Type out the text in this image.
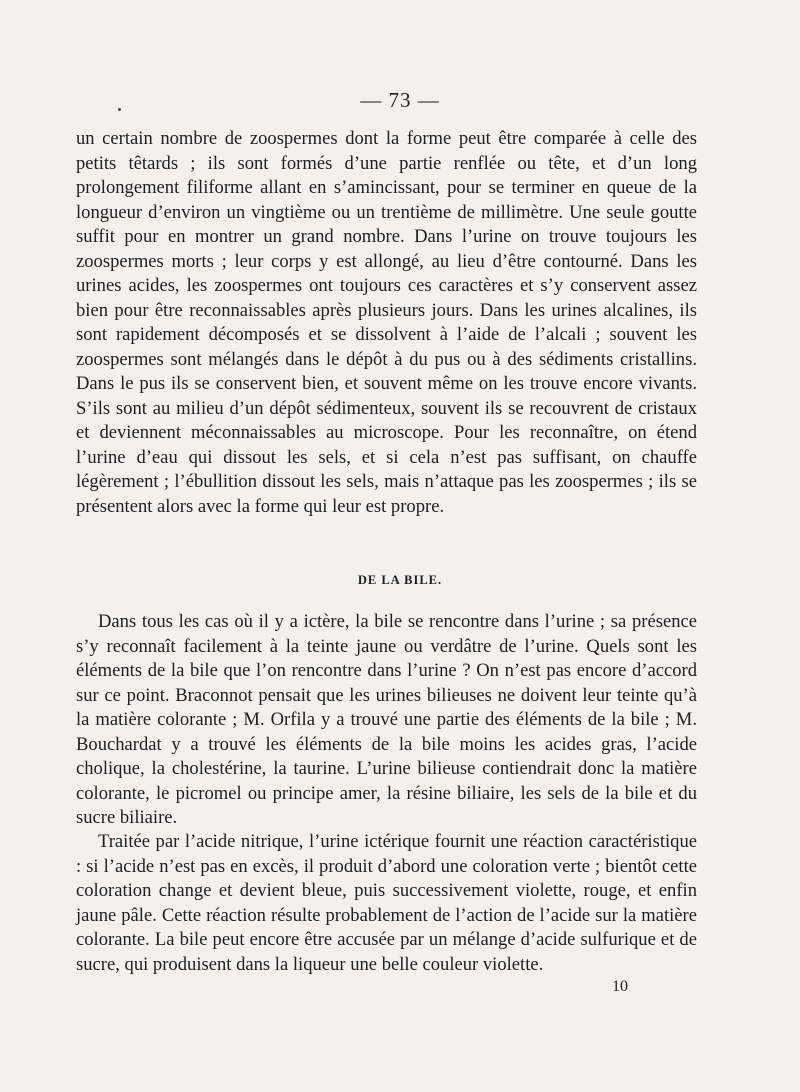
— 73 —

un certain nombre de zoospermes dont la forme peut être comparée à celle des petits têtards ; ils sont formés d’une partie renflée ou tête, et d’un long prolongement filiforme allant en s’amincissant, pour se terminer en queue de la longueur d’environ un vingtième ou un trentième de millimètre. Une seule goutte suffit pour en montrer un grand nombre. Dans l’urine on trouve toujours les zoospermes morts ; leur corps y est allongé, au lieu d’être contourné. Dans les urines acides, les zoospermes ont toujours ces caractères et s’y conservent assez bien pour être reconnaissables après plusieurs jours. Dans les urines alcalines, ils sont rapidement décomposés et se dissolvent à l’aide de l’alcali ; souvent les zoospermes sont mélangés dans le dépôt à du pus ou à des sédiments cristallins. Dans le pus ils se conservent bien, et souvent même on les trouve encore vivants. S’ils sont au milieu d’un dépôt sédimenteux, souvent ils se recouvrent de cristaux et deviennent méconnaissables au microscope. Pour les reconnaître, on étend l’urine d’eau qui dissout les sels, et si cela n’est pas suffisant, on chauffe légèrement ; l’ébullition dissout les sels, mais n’attaque pas les zoospermes ; ils se présentent alors avec la forme qui leur est propre.

DE LA BILE.

Dans tous les cas où il y a ictère, la bile se rencontre dans l’urine ; sa présence s’y reconnaît facilement à la teinte jaune ou verdâtre de l’urine. Quels sont les éléments de la bile que l’on rencontre dans l’urine ? On n’est pas encore d’accord sur ce point. Braconnot pensait que les urines bilieuses ne doivent leur teinte qu’à la matière colorante ; M. Orfila y a trouvé une partie des éléments de la bile ; M. Bouchardat y a trouvé les éléments de la bile moins les acides gras, l’acide cholique, la cholestérine, la taurine. L’urine bilieuse contiendrait donc la matière colorante, le picromel ou principe amer, la résine biliaire, les sels de la bile et du sucre biliaire.

Traitée par l’acide nitrique, l’urine ictérique fournit une réaction caractéristique : si l’acide n’est pas en excès, il produit d’abord une coloration verte ; bientôt cette coloration change et devient bleue, puis successivement violette, rouge, et enfin jaune pâle. Cette réaction résulte probablement de l’action de l’acide sur la matière colorante. La bile peut encore être accusée par un mélange d’acide sulfurique et de sucre, qui produisent dans la liqueur une belle couleur violette.

10
